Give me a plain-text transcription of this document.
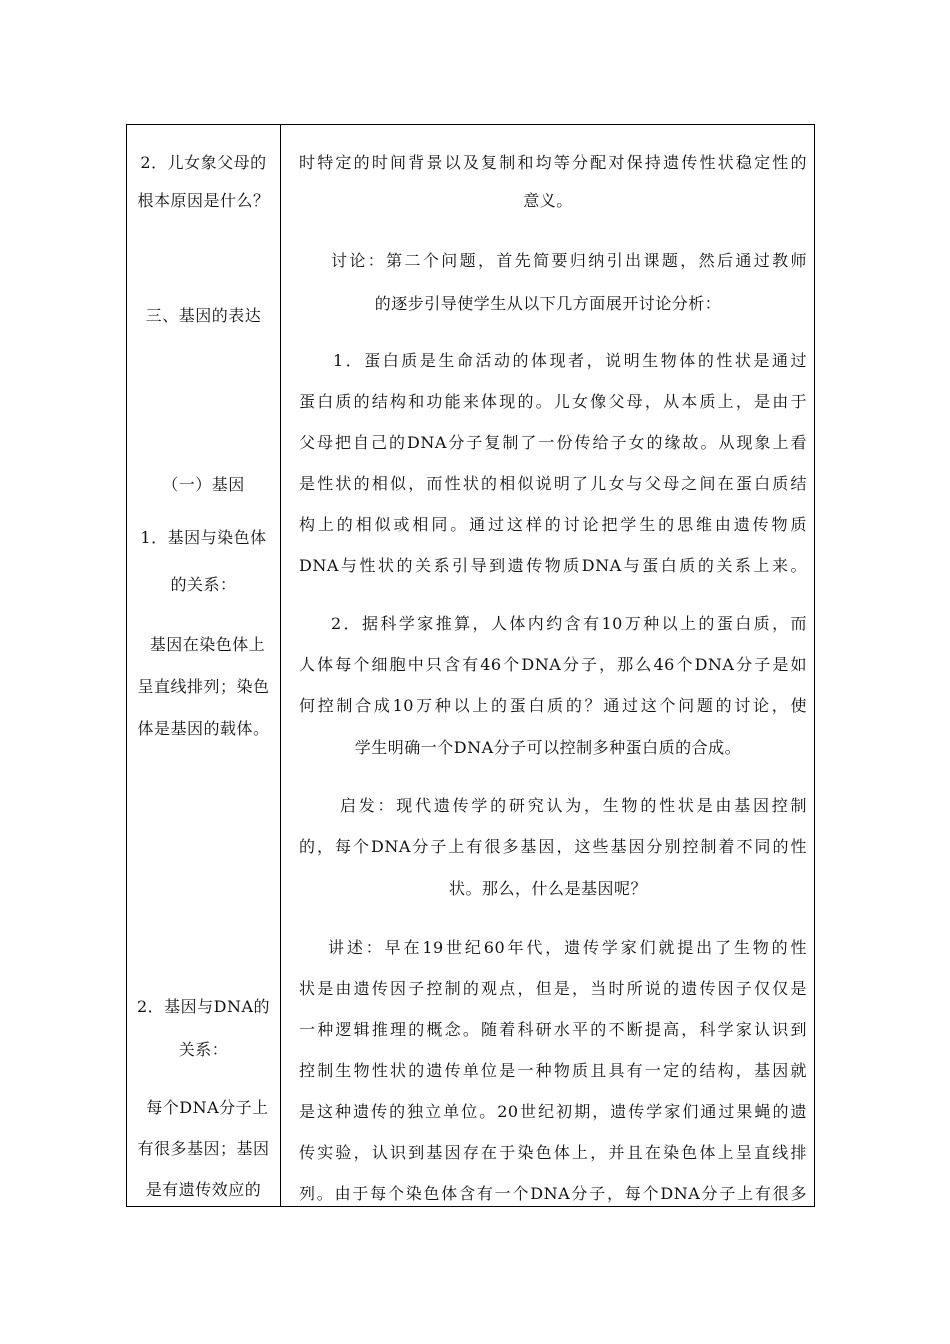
2．儿女象父母的
根本原因是什么？
三、基因的表达
（一）基因
1．基因与染色体
的关系：
基因在染色体上
呈直线排列；染色
体是基因的载体。
2．基因与DNA的
关系：
每个DNA分子上
有很多基因；基因
是有遗传效应的
时特定的时间背景以及复制和均等分配对保持遗传性状稳定性的
意义。
讨论：第二个问题，首先简要归纳引出课题，然后通过教师
的逐步引导使学生从以下几方面展开讨论分析：
1．蛋白质是生命活动的体现者，说明生物体的性状是通过
蛋白质的结构和功能来体现的。儿女像父母，从本质上，是由于
父母把自己的DNA分子复制了一份传给子女的缘故。从现象上看
是性状的相似，而性状的相似说明了儿女与父母之间在蛋白质结
构上的相似或相同。通过这样的讨论把学生的思维由遗传物质
DNA与性状的关系引导到遗传物质DNA与蛋白质的关系上来。
2．据科学家推算，人体内约含有10万种以上的蛋白质，而
人体每个细胞中只含有46个DNA分子，那么46个DNA分子是如
何控制合成10万种以上的蛋白质的？通过这个问题的讨论，使
学生明确一个DNA分子可以控制多种蛋白质的合成。
启发：现代遗传学的研究认为，生物的性状是由基因控制
的，每个DNA分子上有很多基因，这些基因分别控制着不同的性
状。那么，什么是基因呢？
讲述：早在19世纪60年代，遗传学家们就提出了生物的性
状是由遗传因子控制的观点，但是，当时所说的遗传因子仅仅是
一种逻辑推理的概念。随着科研水平的不断提高，科学家认识到
控制生物性状的遗传单位是一种物质且具有一定的结构，基因就
是这种遗传的独立单位。20世纪初期，遗传学家们通过果蝇的遗
传实验，认识到基因存在于染色体上，并且在染色体上呈直线排
列。由于每个染色体含有一个DNA分子，每个DNA分子上有很多
